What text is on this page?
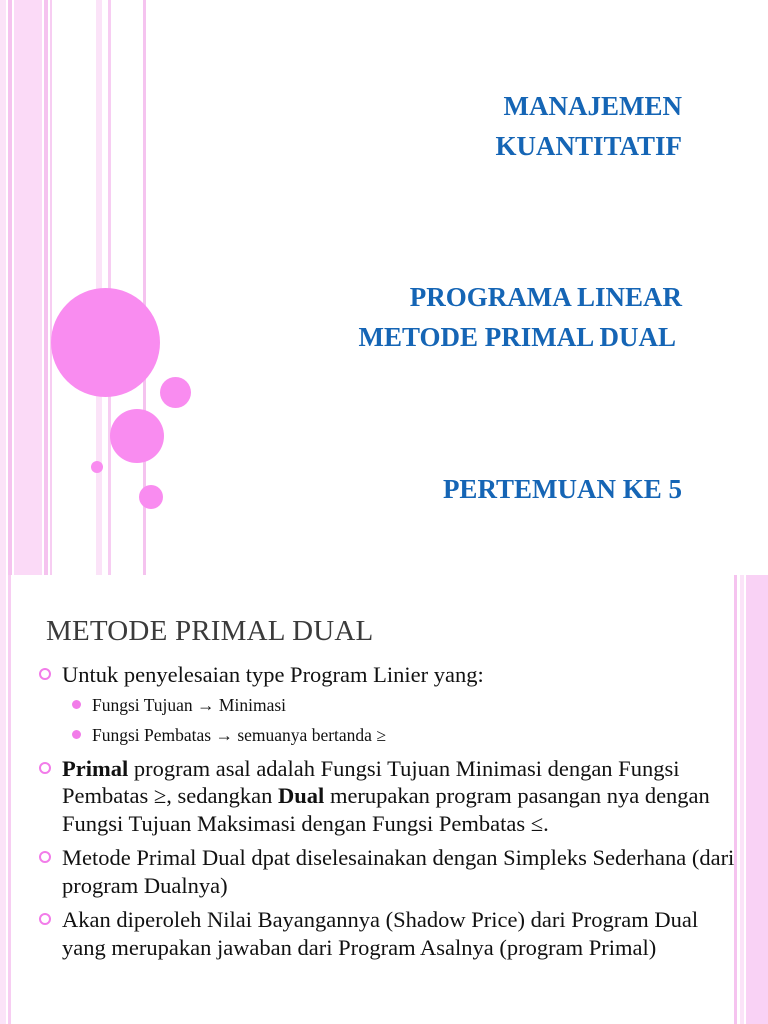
MANAJEMEN
KUANTITATIF
PROGRAMA LINEAR
METODE PRIMAL DUAL
PERTEMUAN KE 5
METODE PRIMAL DUAL
Untuk penyelesaian type Program Linier yang:
Fungsi Tujuan → Minimasi
Fungsi Pembatas → semuanya bertanda ≥
Primal program asal adalah Fungsi Tujuan Minimasi dengan Fungsi Pembatas ≥, sedangkan Dual merupakan program pasangan nya dengan Fungsi Tujuan Maksimasi dengan Fungsi Pembatas ≤.
Metode Primal Dual dpat diselesainakan dengan Simpleks Sederhana (dari program Dualnya)
Akan diperoleh Nilai Bayangannya (Shadow Price) dari Program Dual yang merupakan jawaban dari Program Asalnya (program Primal)
